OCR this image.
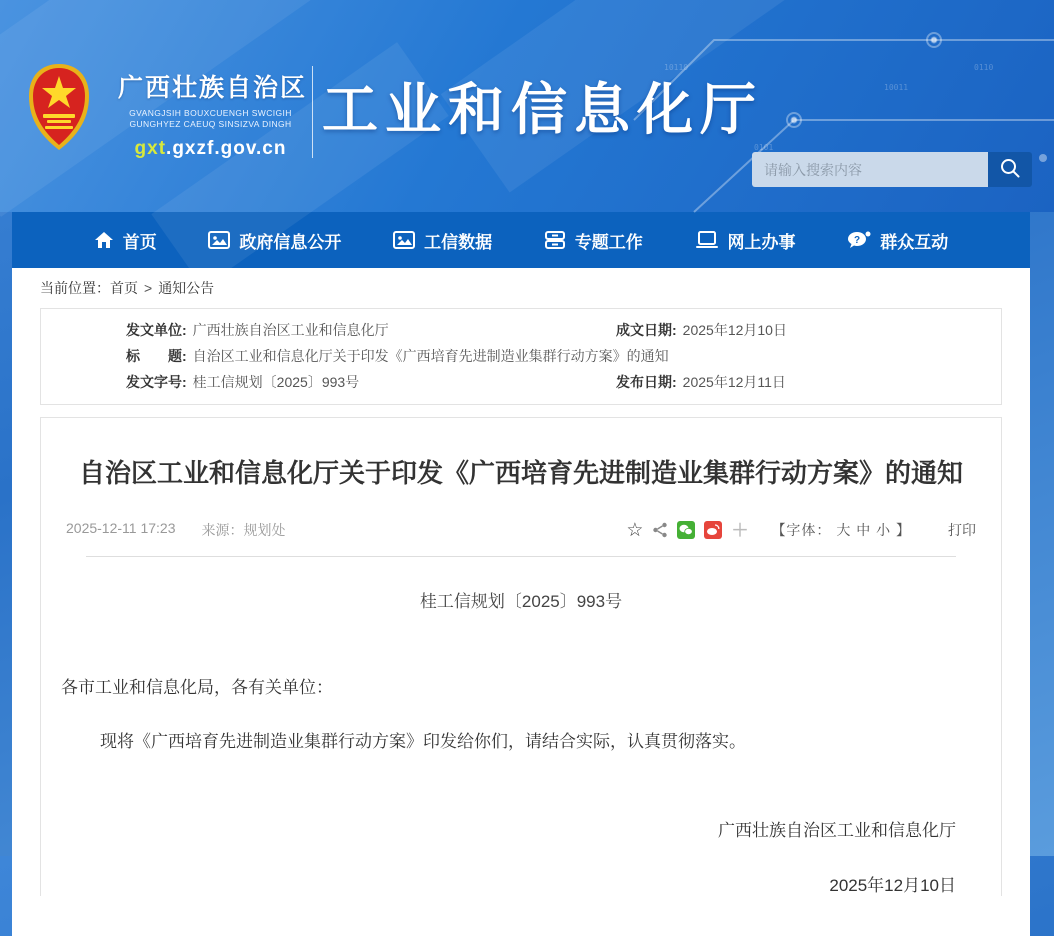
10110
0101
10011
0110
广西壮族自治区
GVANGJSIH BOUXCUENGH SWCIGIH
GUNGHYEZ CAEUQ SINSIZVA DINGH
gxt.gxzf.gov.cn
工业和信息化厅
请输入搜索内容
首页	政府信息公开	工信数据	专题工作	网上办事	? 群众互动
当前位置：首页 > 通知公告
发文单位: 广西壮族自治区工业和信息化厅	成文日期: 2025年12月10日
标　　题: 自治区工业和信息化厅关于印发《广西培育先进制造业集群行动方案》的通知
发文字号: 桂工信规划〔2025〕993号	发布日期: 2025年12月11日
自治区工业和信息化厅关于印发《广西培育先进制造业集群行动方案》的通知
2025-12-11 17:23 来源：规划处	☆	＋ 【字体： 大 中 小 】	打印
桂工信规划〔2025〕993号

各市工业和信息化局，各有关单位：

现将《广西培育先进制造业集群行动方案》印发给你们，请结合实际，认真贯彻落实。

广西壮族自治区工业和信息化厅
2025年12月10日
